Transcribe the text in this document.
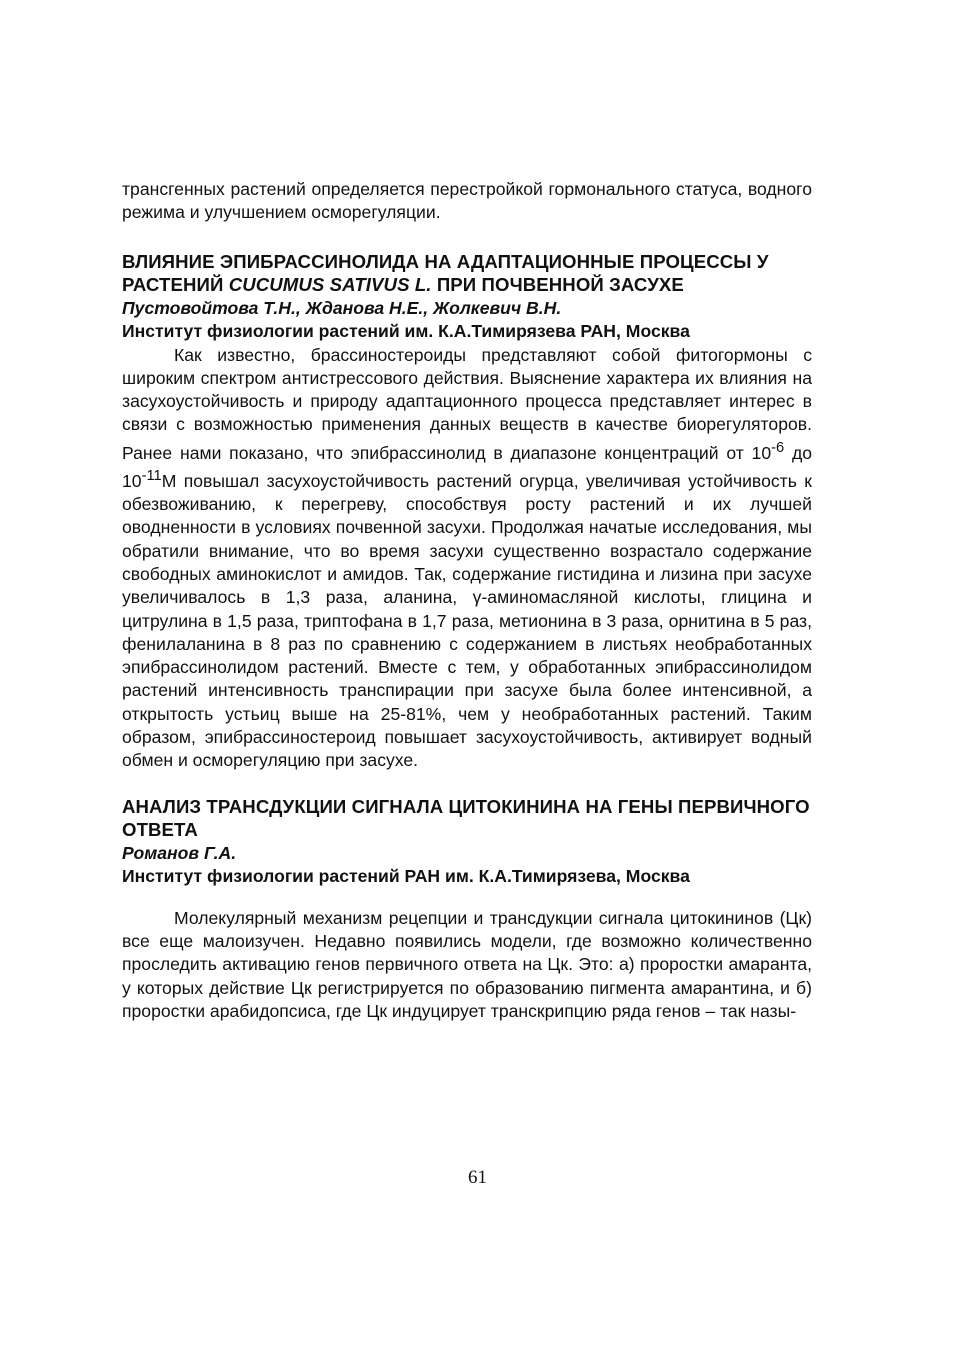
трансгенных растений определяется перестройкой гормонального статуса, водного режима и улучшением осморегуляции.

ВЛИЯНИЕ ЭПИБРАССИНОЛИДА НА АДАПТАЦИОННЫЕ ПРОЦЕССЫ У РАСТЕНИЙ CUCUMUS SATIVUS L. ПРИ ПОЧВЕННОЙ ЗАСУХЕ

Пустовойтова Т.Н., Жданова Н.Е., Жолкевич В.Н.

Институт физиологии растений им. К.А.Тимирязева РАН, Москва

Как известно, брассиностероиды представляют собой фитогормоны с широким спектром антистрессового действия. Выяснение характера их влияния на засухоустойчивость и природу адаптационного процесса представляет интерес в связи с возможностью применения данных веществ в качестве биорегуляторов. Ранее нами показано, что эпибрассинолид в диапазоне концентраций от $10^{-6}$ до $10^{-11}М$ повышал засухоустойчивость растений огурца, увеличивая устойчивость к обезвоживанию, к перегреву, способствуя росту растений и их лучшей оводненности в условиях почвенной засухи. Продолжая начатые исследования, мы обратили внимание, что во время засухи существенно возрастало содержание свободных аминокислот и амидов. Так, содержание гистидина и лизина при засухе увеличивалось в 1,3 раза, аланина, γ-аминомасляной кислоты, глицина и цитрулина в 1,5 раза, триптофана в 1,7 раза, метионина в 3 раза, орнитина в 5 раз, фенилаланина в 8 раз по сравнению с содержанием в листьях необработанных эпибрассинолидом растений. Вместе с тем, у обработанных эпибрассинолидом растений интенсивность транспирации при засухе была более интенсивной, а открытость устьиц выше на 25-81%, чем у необработанных растений. Таким образом, эпибрассиностероид повышает засухоустойчивость, активирует водный обмен и осморегуляцию при засухе.

АНАЛИЗ ТРАНСДУКЦИИ СИГНАЛА ЦИТОКИНИНА НА ГЕНЫ ПЕРВИЧНОГО ОТВЕТА

Романов Г.А.

Институт физиологии растений РАН им. К.А.Тимирязева, Москва

Молекулярный механизм рецепции и трансдукции сигнала цитокининов (Цк) все еще малоизучен. Недавно появились модели, где возможно количественно проследить активацию генов первичного ответа на Цк. Это: а) проростки амаранта, у которых действие Цк регистрируется по образованию пигмента амарантина, и б) проростки арабидопсиса, где Цк индуцирует транскрипцию ряда генов – так назы-

61
